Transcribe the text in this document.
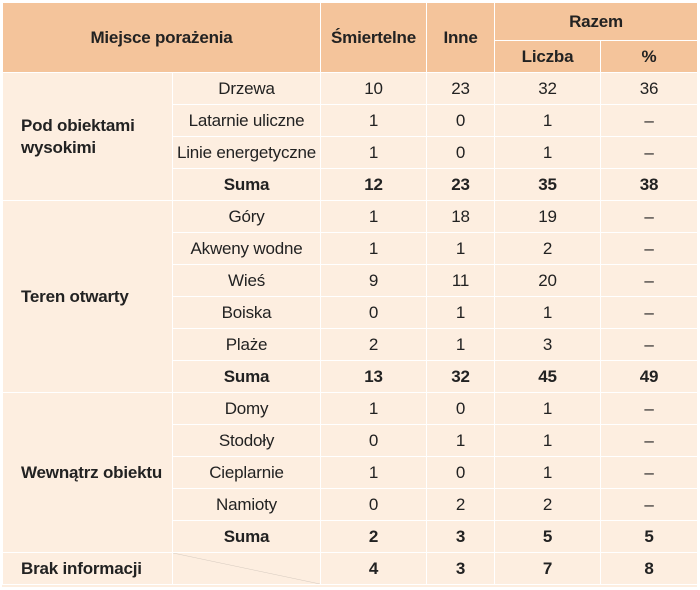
Miejsce porażenia		Śmiertelne	Inne	Razem	
				Liczba	%
Pod obiektami wysokimi	Drzewa	10	23	32	36
	Latarnie uliczne	1	0	1	–
	Linie energetyczne	1	0	1	–
	Suma	12	23	35	38
Teren otwarty	Góry	1	18	19	–
	Akweny wodne	1	1	2	–
	Wieś	9	11	20	–
	Boiska	0	1	1	–
	Plaże	2	1	3	–
	Suma	13	32	45	49
Wewnątrz obiektu	Domy	1	0	1	–
	Stodoły	0	1	1	–
	Cieplarnie	1	0	1	–
	Namioty	0	2	2	–
	Suma	2	3	5	5
Brak informacji		4	3	7	8
